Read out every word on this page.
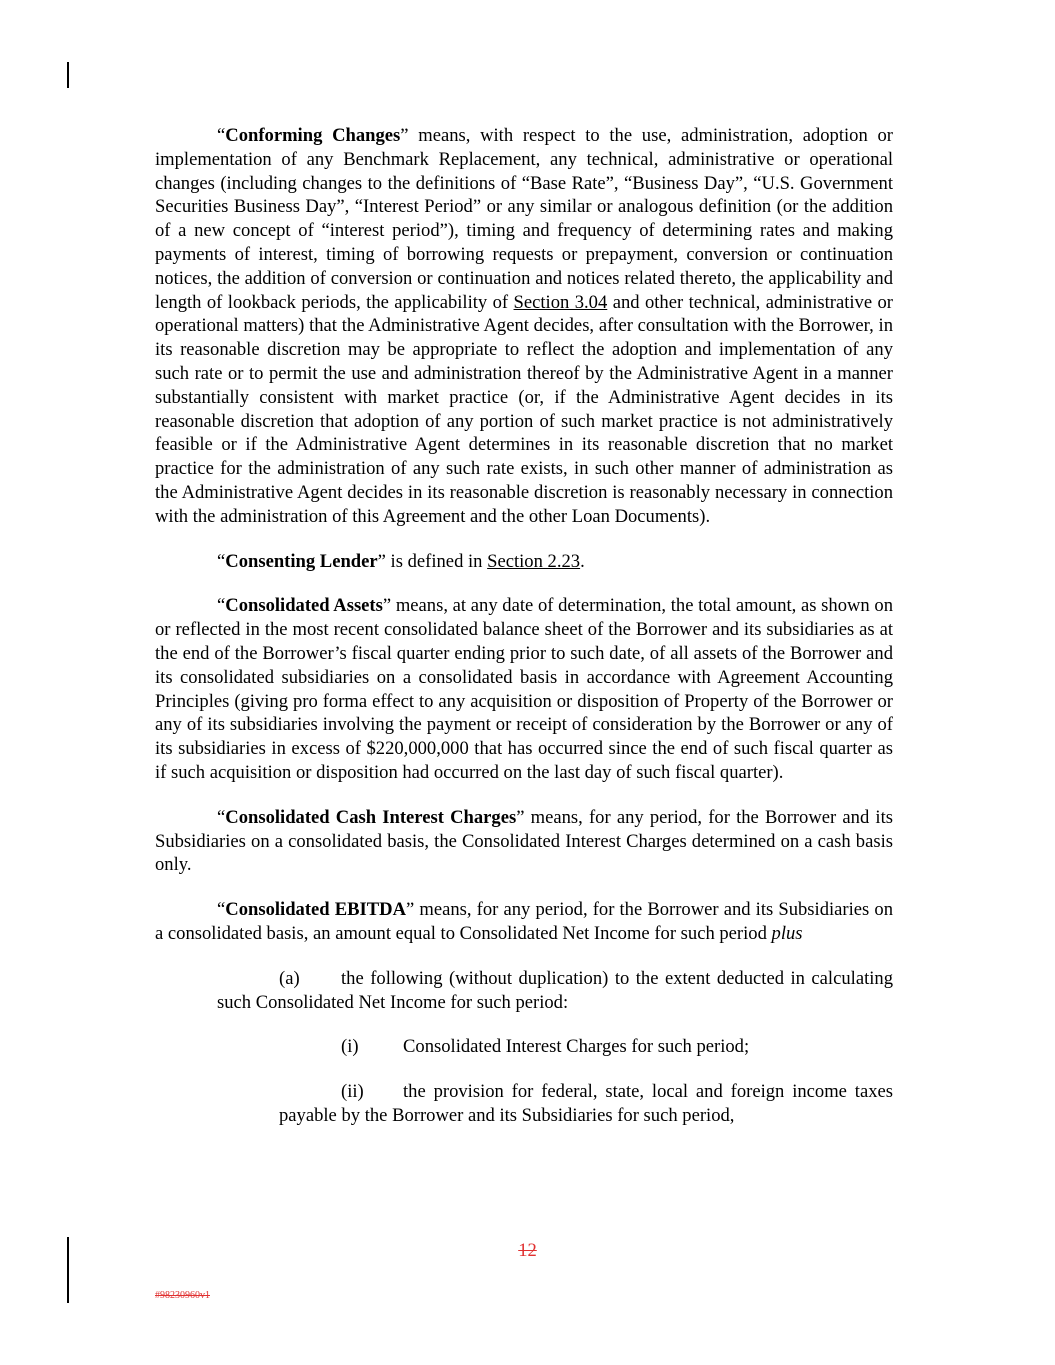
“Conforming Changes” means, with respect to the use, administration, adoption or implementation of any Benchmark Replacement, any technical, administrative or operational changes (including changes to the definitions of “Base Rate”, “Business Day”, “U.S. Government Securities Business Day”, “Interest Period” or any similar or analogous definition (or the addition of a new concept of “interest period”), timing and frequency of determining rates and making payments of interest, timing of borrowing requests or prepayment, conversion or continuation notices, the addition of conversion or continuation and notices related thereto, the applicability and length of lookback periods, the applicability of Section 3.04 and other technical, administrative or operational matters) that the Administrative Agent decides, after consultation with the Borrower, in its reasonable discretion may be appropriate to reflect the adoption and implementation of any such rate or to permit the use and administration thereof by the Administrative Agent in a manner substantially consistent with market practice (or, if the Administrative Agent decides in its reasonable discretion that adoption of any portion of such market practice is not administratively feasible or if the Administrative Agent determines in its reasonable discretion that no market practice for the administration of any such rate exists, in such other manner of administration as the Administrative Agent decides in its reasonable discretion is reasonably necessary in connection with the administration of this Agreement and the other Loan Documents).

“Consenting Lender” is defined in Section 2.23.

“Consolidated Assets” means, at any date of determination, the total amount, as shown on or reflected in the most recent consolidated balance sheet of the Borrower and its subsidiaries as at the end of the Borrower’s fiscal quarter ending prior to such date, of all assets of the Borrower and its consolidated subsidiaries on a consolidated basis in accordance with Agreement Accounting Principles (giving pro forma effect to any acquisition or disposition of Property of the Borrower or any of its subsidiaries involving the payment or receipt of consideration by the Borrower or any of its subsidiaries in excess of $220,000,000 that has occurred since the end of such fiscal quarter as if such acquisition or disposition had occurred on the last day of such fiscal quarter).

“Consolidated Cash Interest Charges” means, for any period, for the Borrower and its Subsidiaries on a consolidated basis, the Consolidated Interest Charges determined on a cash basis only.

“Consolidated EBITDA” means, for any period, for the Borrower and its Subsidiaries on a consolidated basis, an amount equal to Consolidated Net Income for such period plus

(a) the following (without duplication) to the extent deducted in calculating such Consolidated Net Income for such period:

(i) Consolidated Interest Charges for such period;

(ii) the provision for federal, state, local and foreign income taxes payable by the Borrower and its Subsidiaries for such period,

12
#98230960v1
